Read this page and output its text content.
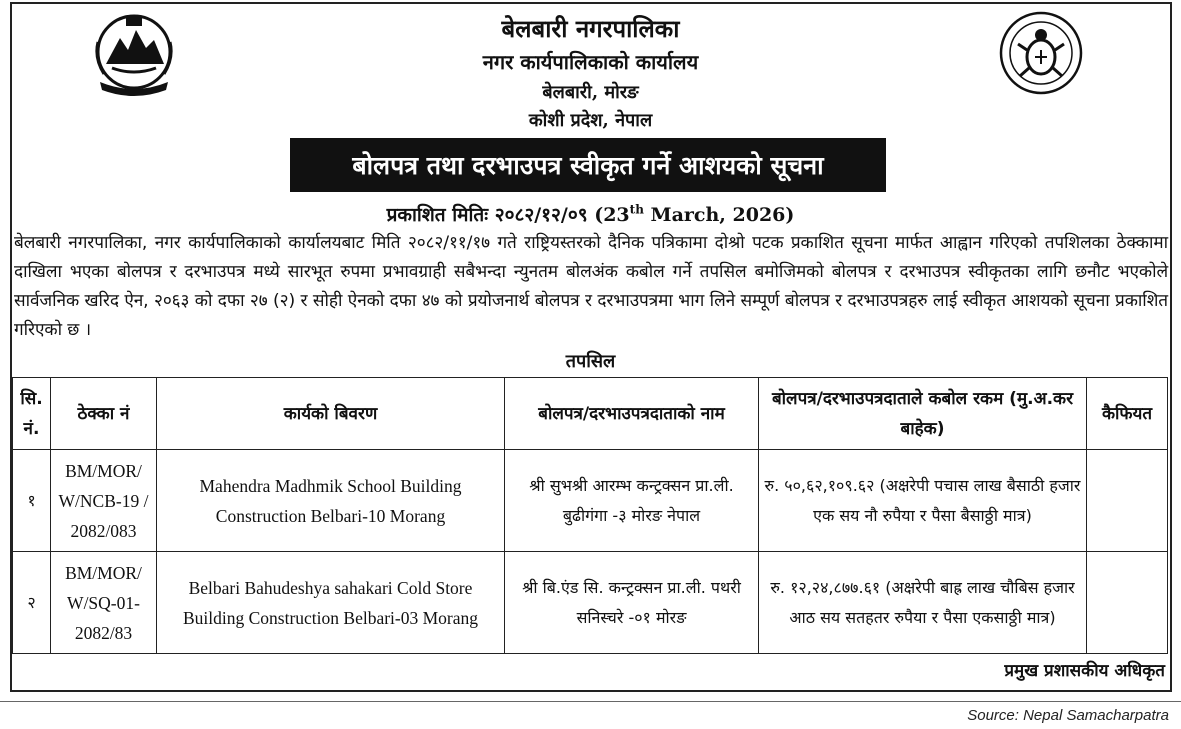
बेलबारी नगरपालिका
नगर कार्यपालिकाको कार्यालय
बेलबारी, मोरङ
कोशी प्रदेश, नेपाल
बोलपत्र तथा दरभाउपत्र स्वीकृत गर्ने आशयको सूचना
प्रकाशित मितिः २०८२/१२/०९ (23th March, 2026)
बेलबारी नगरपालिका, नगर कार्यपालिकाको कार्यालयबाट मिति २०८२/११/१७ गते राष्ट्रियस्तरको दैनिक पत्रिकामा दोश्रो पटक प्रकाशित सूचना मार्फत आह्वान गरिएको तपशिलका ठेक्कामा दाखिला भएका बोलपत्र र दरभाउपत्र मध्ये सारभूत रुपमा प्रभावग्राही सबैभन्दा न्युनतम बोलअंक कबोल गर्ने तपसिल बमोजिमको बोलपत्र र दरभाउपत्र स्वीकृतका लागि छनौट भएकोले सार्वजनिक खरिद ऐन, २०६३ को दफा २७ (२) र सोही ऐनको दफा ४७ को प्रयोजनार्थ बोलपत्र र दरभाउपत्रमा भाग लिने सम्पूर्ण बोलपत्र र दरभाउपत्रहरु लाई स्वीकृत आशयको सूचना प्रकाशित गरिएको छ ।
तपसिल
सि. नं.	ठेक्का नं	कार्यको बिवरण	बोलपत्र/दरभाउपत्रदाताको नाम	बोलपत्र/दरभाउपत्रदाताले कबोल रकम (मु.अ.कर बाहेक)	कैफियत
१	BM/MOR/ W/NCB-19 / 2082/083	Mahendra Madhmik School Building Construction Belbari-10 Morang	श्री सुभश्री आरम्भ कन्ट्रक्सन प्रा.ली. बुढीगंगा -३ मोरङ नेपाल	रु. ५०,६२,१०९.६२ (अक्षरेपी पचास लाख बैसाठी हजार एक सय नौ रुपैया र पैसा बैसाठ्ठी मात्र)	
२	BM/MOR/ W/SQ-01- 2082/83	Belbari Bahudeshya sahakari Cold Store Building Construction Belbari-03 Morang	श्री बि.एंड सि. कन्ट्रक्सन प्रा.ली. पथरी सनिस्चरे -०१ मोरङ	रु. १२,२४,८७७.६१ (अक्षरेपी बाह्र लाख चौबिस हजार आठ सय सतहतर रुपैया र पैसा एकसाठ्ठी मात्र)	
प्रमुख प्रशासकीय अधिकृत
Source: Nepal Samacharpatra
